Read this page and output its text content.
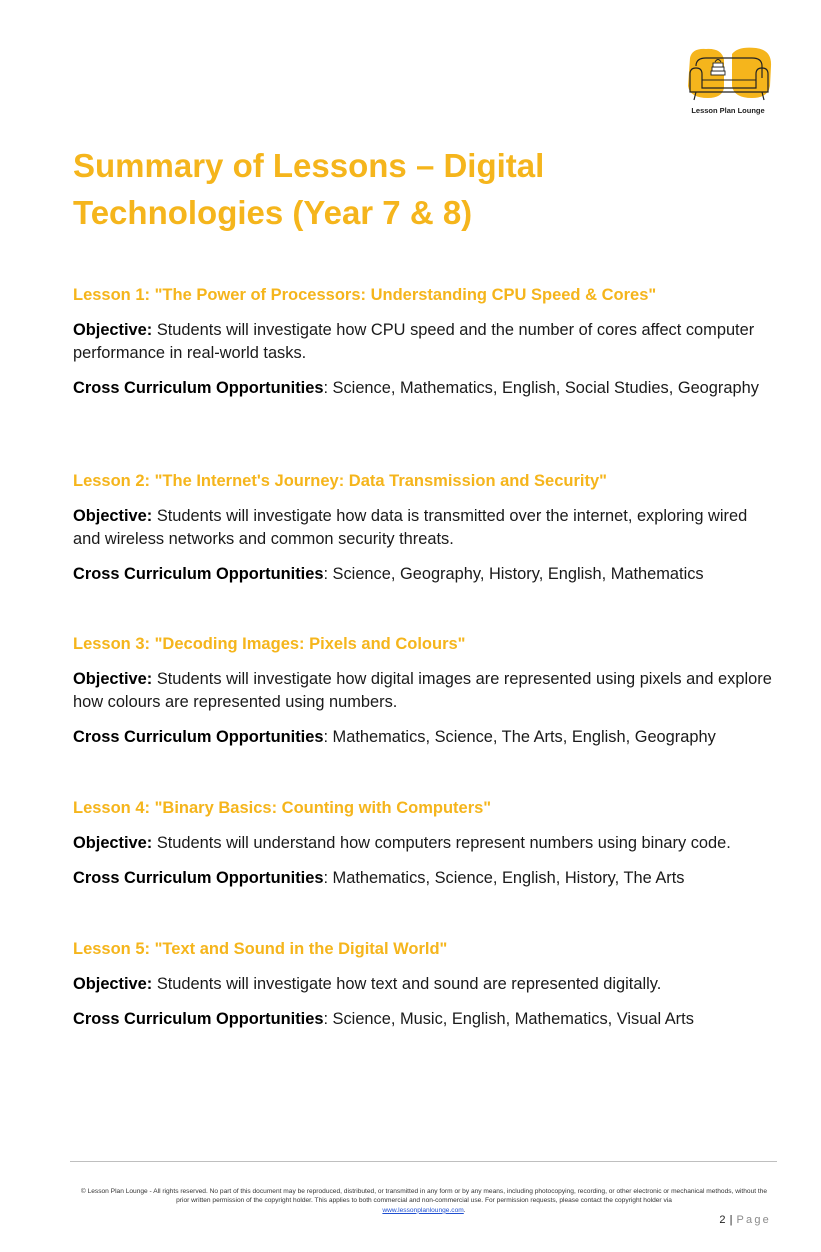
Lesson Plan Lounge
Summary of Lessons – Digital Technologies (Year 7 & 8)
Lesson 1: "The Power of Processors: Understanding CPU Speed & Cores"

Objective: Students will investigate how CPU speed and the number of cores affect computer performance in real-world tasks.

Cross Curriculum Opportunities: Science, Mathematics, English, Social Studies, Geography

Lesson 2: "The Internet's Journey: Data Transmission and Security"

Objective: Students will investigate how data is transmitted over the internet, exploring wired and wireless networks and common security threats.

Cross Curriculum Opportunities: Science, Geography, History, English, Mathematics

Lesson 3: "Decoding Images: Pixels and Colours"

Objective: Students will investigate how digital images are represented using pixels and explore how colours are represented using numbers.

Cross Curriculum Opportunities: Mathematics, Science, The Arts, English, Geography

Lesson 4: "Binary Basics: Counting with Computers"

Objective: Students will understand how computers represent numbers using binary code.

Cross Curriculum Opportunities: Mathematics, Science, English, History, The Arts

Lesson 5: "Text and Sound in the Digital World"

Objective: Students will investigate how text and sound are represented digitally.

Cross Curriculum Opportunities: Science, Music, English, Mathematics, Visual Arts

© Lesson Plan Lounge - All rights reserved. No part of this document may be reproduced, distributed, or transmitted in any form or by any means, including photocopying, recording, or other electronic or mechanical methods, without the prior written permission of the copyright holder. This applies to both commercial and non-commercial use. For permission requests, please contact the copyright holder via
www.lessonplanlounge.com.
2 | Page
